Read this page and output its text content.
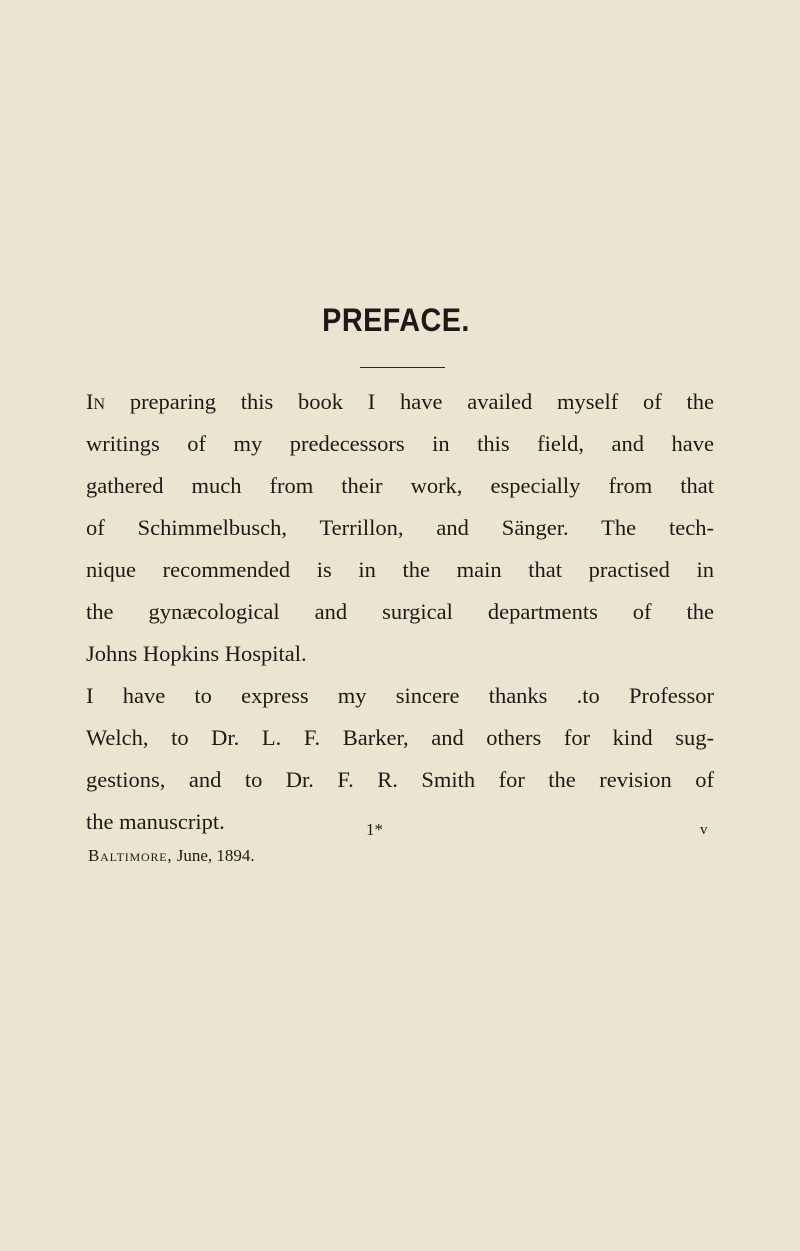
PREFACE.
In preparing this book I have availed myself of the
writings of my predecessors in this field, and have
gathered much from their work, especially from that
of Schimmelbusch, Terrillon, and Sänger. The tech-
nique recommended is in the main that practised in
the gynæcological and surgical departments of the
Johns Hopkins Hospital.
I have to express my sincere thanks .to Professor
Welch, to Dr. L. F. Barker, and others for kind sug-
gestions, and to Dr. F. R. Smith for the revision of
the manuscript.
Baltimore, June, 1894.
1*	v
